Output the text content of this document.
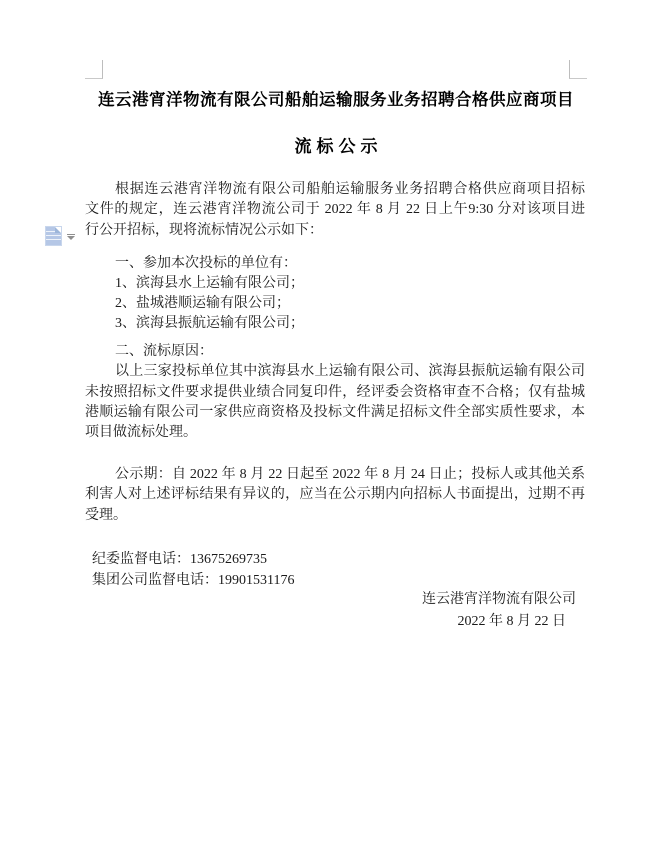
连云港宵洋物流有限公司船舶运输服务业务招聘合格供应商项目
流标公示
根据连云港宵洋物流有限公司船舶运输服务业务招聘合格供应商项目招标
文件的规定，连云港宵洋物流公司于 2022 年 8 月 22 日上午9:30 分对该项目进
行公开招标，现将流标情况公示如下：
一、参加本次投标的单位有：
1、滨海县水上运输有限公司；
2、盐城港顺运输有限公司；
3、滨海县振航运输有限公司；
二、流标原因：
以上三家投标单位其中滨海县水上运输有限公司、滨海县振航运输有限公司
未按照招标文件要求提供业绩合同复印件，经评委会资格审查不合格；仅有盐城
港顺运输有限公司一家供应商资格及投标文件满足招标文件全部实质性要求，本
项目做流标处理。
公示期：自 2022 年 8 月 22 日起至 2022 年 8 月 24 日止；投标人或其他关系
利害人对上述评标结果有异议的，应当在公示期内向招标人书面提出，过期不再
受理。
纪委监督电话：13675269735
集团公司监督电话：19901531176
连云港宵洋物流有限公司
2022 年 8 月 22 日
